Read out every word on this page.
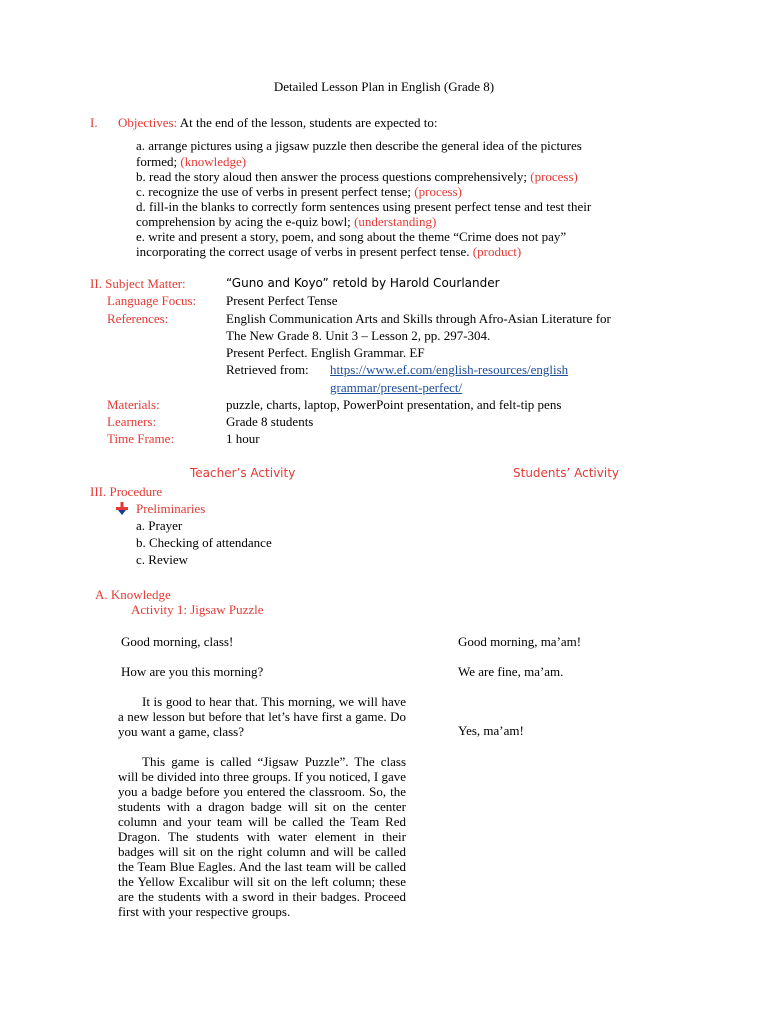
Detailed Lesson Plan in English (Grade 8)
I. Objectives: At the end of the lesson, students are expected to:
a. arrange pictures using a jigsaw puzzle then describe the general idea of the pictures
formed; (knowledge)
b. read the story aloud then answer the process questions comprehensively; (process)
c. recognize the use of verbs in present perfect tense; (process)
d. fill-in the blanks to correctly form sentences using present perfect tense and test their
comprehension by acing the e-quiz bowl; (understanding)
e. write and present a story, poem, and song about the theme “Crime does not pay”
incorporating the correct usage of verbs in present perfect tense. (product)
II. Subject Matter:	“Guno and Koyo” retold by Harold Courlander
Language Focus: Present Perfect Tense
References:	English Communication Arts and Skills through Afro-Asian Literature for
The New Grade 8. Unit 3 – Lesson 2, pp. 297-304.
Present Perfect. English Grammar. EF
Retrieved from: https://www.ef.com/english-resources/english
grammar/present-perfect/
Materials:	puzzle, charts, laptop, PowerPoint presentation, and felt-tip pens
Learners:	Grade 8 students
Time Frame:	1 hour
Teacher’s Activity	Students’ Activity
III. Procedure
Preliminaries
a. Prayer
b. Checking of attendance
c. Review
A. Knowledge
Activity 1: Jigsaw Puzzle
Good morning, class!	Good morning, ma’am!
How are you this morning?	We are fine, ma’am.
It is good to hear that. This morning, we will have a new lesson but before that let’s have first a game. Do you want a game, class?	Yes, ma’am!
This game is called “Jigsaw Puzzle”. The class will be divided into three groups. If you noticed, I gave you a badge before you entered the classroom. So, the students with a dragon badge will sit on the center column and your team will be called the Team Red Dragon. The students with water element in their badges will sit on the right column and will be called the Team Blue Eagles. And the last team will be called the Yellow Excalibur will sit on the left column; these are the students with a sword in their badges. Proceed first with your respective groups.
